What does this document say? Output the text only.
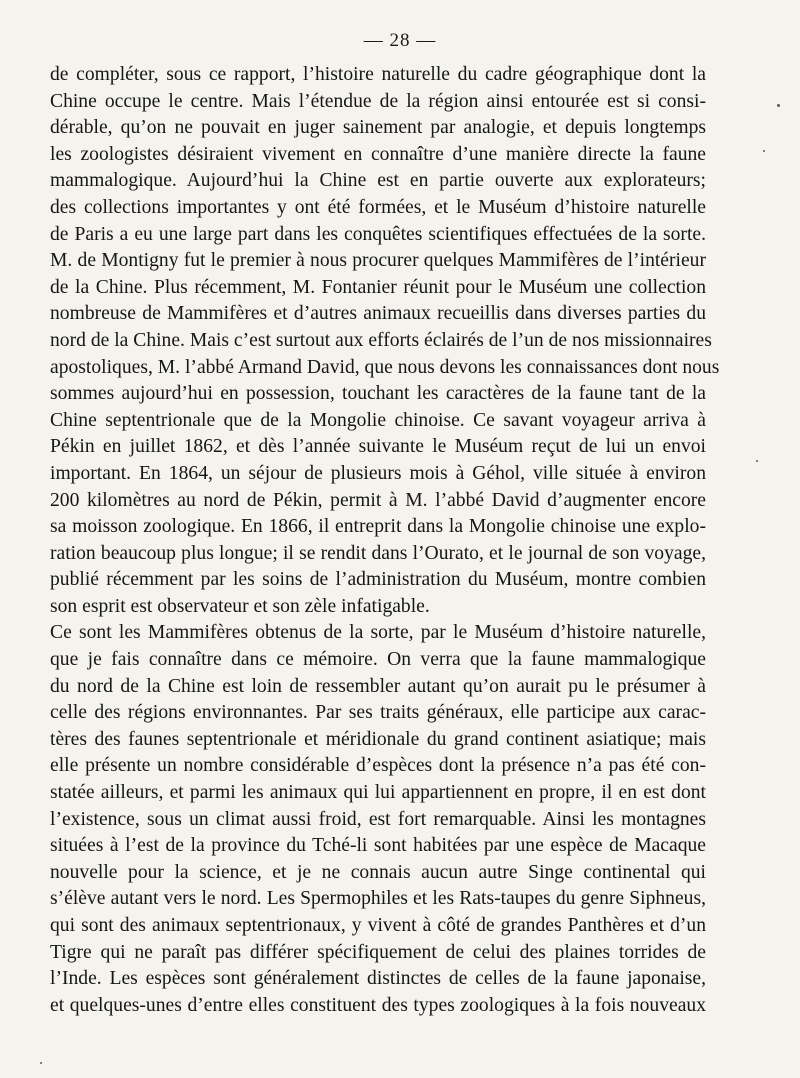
— 28 —
de compléter, sous ce rapport, l’histoire naturelle du cadre géographique dont la
Chine occupe le centre. Mais l’étendue de la région ainsi entourée est si consi-
dérable, qu’on ne pouvait en juger sainement par analogie, et depuis longtemps
les zoologistes désiraient vivement en connaître d’une manière directe la faune
mammalogique. Aujourd’hui la Chine est en partie ouverte aux explorateurs;
des collections importantes y ont été formées, et le Muséum d’histoire naturelle
de Paris a eu une large part dans les conquêtes scientifiques effectuées de la sorte.
M. de Montigny fut le premier à nous procurer quelques Mammifères de l’intérieur
de la Chine. Plus récemment, M. Fontanier réunit pour le Muséum une collection
nombreuse de Mammifères et d’autres animaux recueillis dans diverses parties du
nord de la Chine. Mais c’est surtout aux efforts éclairés de l’un de nos missionnaires
apostoliques, M. l’abbé Armand David, que nous devons les connaissances dont nous
sommes aujourd’hui en possession, touchant les caractères de la faune tant de la
Chine septentrionale que de la Mongolie chinoise. Ce savant voyageur arriva à
Pékin en juillet 1862, et dès l’année suivante le Muséum reçut de lui un envoi
important. En 1864, un séjour de plusieurs mois à Géhol, ville située à environ
200 kilomètres au nord de Pékin, permit à M. l’abbé David d’augmenter encore
sa moisson zoologique. En 1866, il entreprit dans la Mongolie chinoise une explo-
ration beaucoup plus longue; il se rendit dans l’Ourato, et le journal de son voyage,
publié récemment par les soins de l’administration du Muséum, montre combien
son esprit est observateur et son zèle infatigable.
Ce sont les Mammifères obtenus de la sorte, par le Muséum d’histoire naturelle,
que je fais connaître dans ce mémoire. On verra que la faune mammalogique
du nord de la Chine est loin de ressembler autant qu’on aurait pu le présumer à
celle des régions environnantes. Par ses traits généraux, elle participe aux carac-
tères des faunes septentrionale et méridionale du grand continent asiatique; mais
elle présente un nombre considérable d’espèces dont la présence n’a pas été con-
statée ailleurs, et parmi les animaux qui lui appartiennent en propre, il en est dont
l’existence, sous un climat aussi froid, est fort remarquable. Ainsi les montagnes
situées à l’est de la province du Tché-li sont habitées par une espèce de Macaque
nouvelle pour la science, et je ne connais aucun autre Singe continental qui
s’élève autant vers le nord. Les Spermophiles et les Rats-taupes du genre Siphneus,
qui sont des animaux septentrionaux, y vivent à côté de grandes Panthères et d’un
Tigre qui ne paraît pas différer spécifiquement de celui des plaines torrides de
l’Inde. Les espèces sont généralement distinctes de celles de la faune japonaise,
et quelques-unes d’entre elles constituent des types zoologiques à la fois nouveaux
